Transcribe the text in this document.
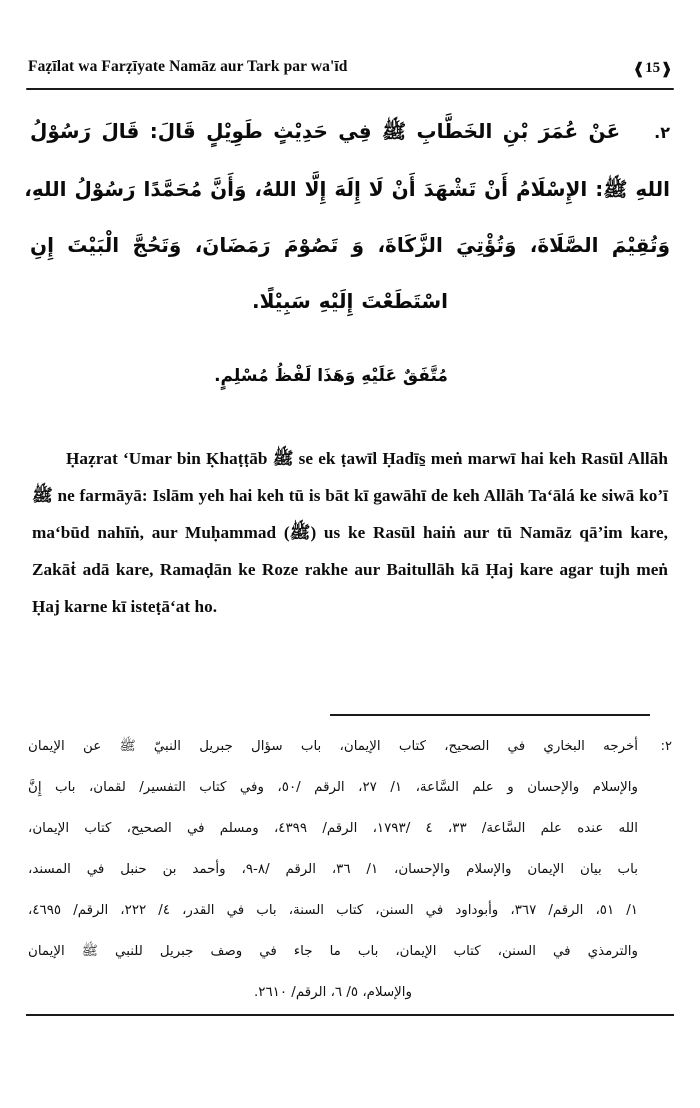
Faẓīlat wa Farẓīyate Namāz aur Tark par wa'īd	❰ 15 ❱
۲.عَنْ عُمَرَ بْنِ الخَطَّابِ ﷺ فِي حَدِيْثٍ طَوِيْلٍ قَالَ: قَالَ رَسُوْلُ
اللهِ ﷺ: الإِسْلَامُ أَنْ تَشْهَدَ أَنْ لَا إِلَهَ إِلَّا اللهُ، وَأَنَّ مُحَمَّدًا رَسُوْلُ اللهِ،
وَتُقِيْمَ الصَّلَاةَ، وَتُؤْتِيَ الزَّكَاةَ، وَ تَصُوْمَ رَمَضَانَ، وَتَحُجَّ الْبَيْتَ إِنِ
اسْتَطَعْتَ إِلَيْهِ سَبِيْلًا.
مُتَّفَقٌ عَلَيْهِ وَهَذَا لَفْظُ مُسْلِمٍ.
Ḥaẓrat ‘Umar bin Ḳhaṭṭāb ﷺ se ek ṭawīl Ḥadīs̱ meṅ marwī hai keh Rasūl Allāh ﷺ ne farmāyā: Islām yeh hai keh tū is bāt kī gawāhī de keh Allāh Ta‘ālá ke siwā ko’ī ma‘būd nahīṅ, aur Muḥammad (ﷺ) us ke Rasūl haiṅ aur tū Namāz qā’im kare, Zakāṫ adā kare, Ramaḍān ke Roze rakhe aur Baitullāh kā Ḥaj kare agar tujh meṅ Ḥaj karne kī isteṭā‘at ho.
۲:
أخرجه البخاري في الصحيح، كتاب الإيمان، باب سؤال جبريل النبيّ ﷺ عن الإيمان
والإسلام والإحسان و علم السَّاعة، ١/ ٢٧، الرقم /٥٠، وفي كتاب التفسير/ لقمان، باب إِنَّ
الله عنده علم السَّاعة/ ٣٣، ٤ /١٧٩٣، الرقم/ ٤٣٩٩، ومسلم في الصحيح، كتاب الإيمان،
باب بيان الإيمان والإسلام والإحسان، ١/ ٣٦، الرقم /٨-٩، وأحمد بن حنبل في المسند،
١/ ٥١، الرقم/ ٣٦٧، وأبوداود في السنن، كتاب السنة، باب في القدر، ٤/ ٢٢٢، الرقم/ ٤٦٩٥،
والترمذي في السنن، كتاب الإيمان، باب ما جاء في وصف جبريل للنبي ﷺ الإيمان
والإسلام، ٥/ ٦، الرقم/ ٢٦١٠.
